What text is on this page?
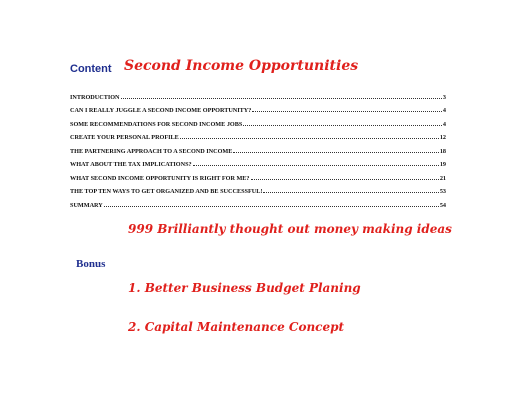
Content Second Income Opportunities
INTRODUCTION	3
CAN I REALLY JUGGLE A SECOND INCOME OPPORTUNITY?	4
SOME RECOMMENDATIONS FOR SECOND INCOME JOBS	4
CREATE YOUR PERSONAL PROFILE	12
THE PARTNERING APPROACH TO A SECOND INCOME	18
WHAT ABOUT THE TAX IMPLICATIONS?	19
WHAT SECOND INCOME OPPORTUNITY IS RIGHT FOR ME?	21
THE TOP TEN WAYS TO GET ORGANIZED AND BE SUCCESSFUL!	53
SUMMARY	54
999 Brilliantly thought out money making ideas
Bonus
1. Better Business Budget Planing
2. Capital Maintenance Concept
